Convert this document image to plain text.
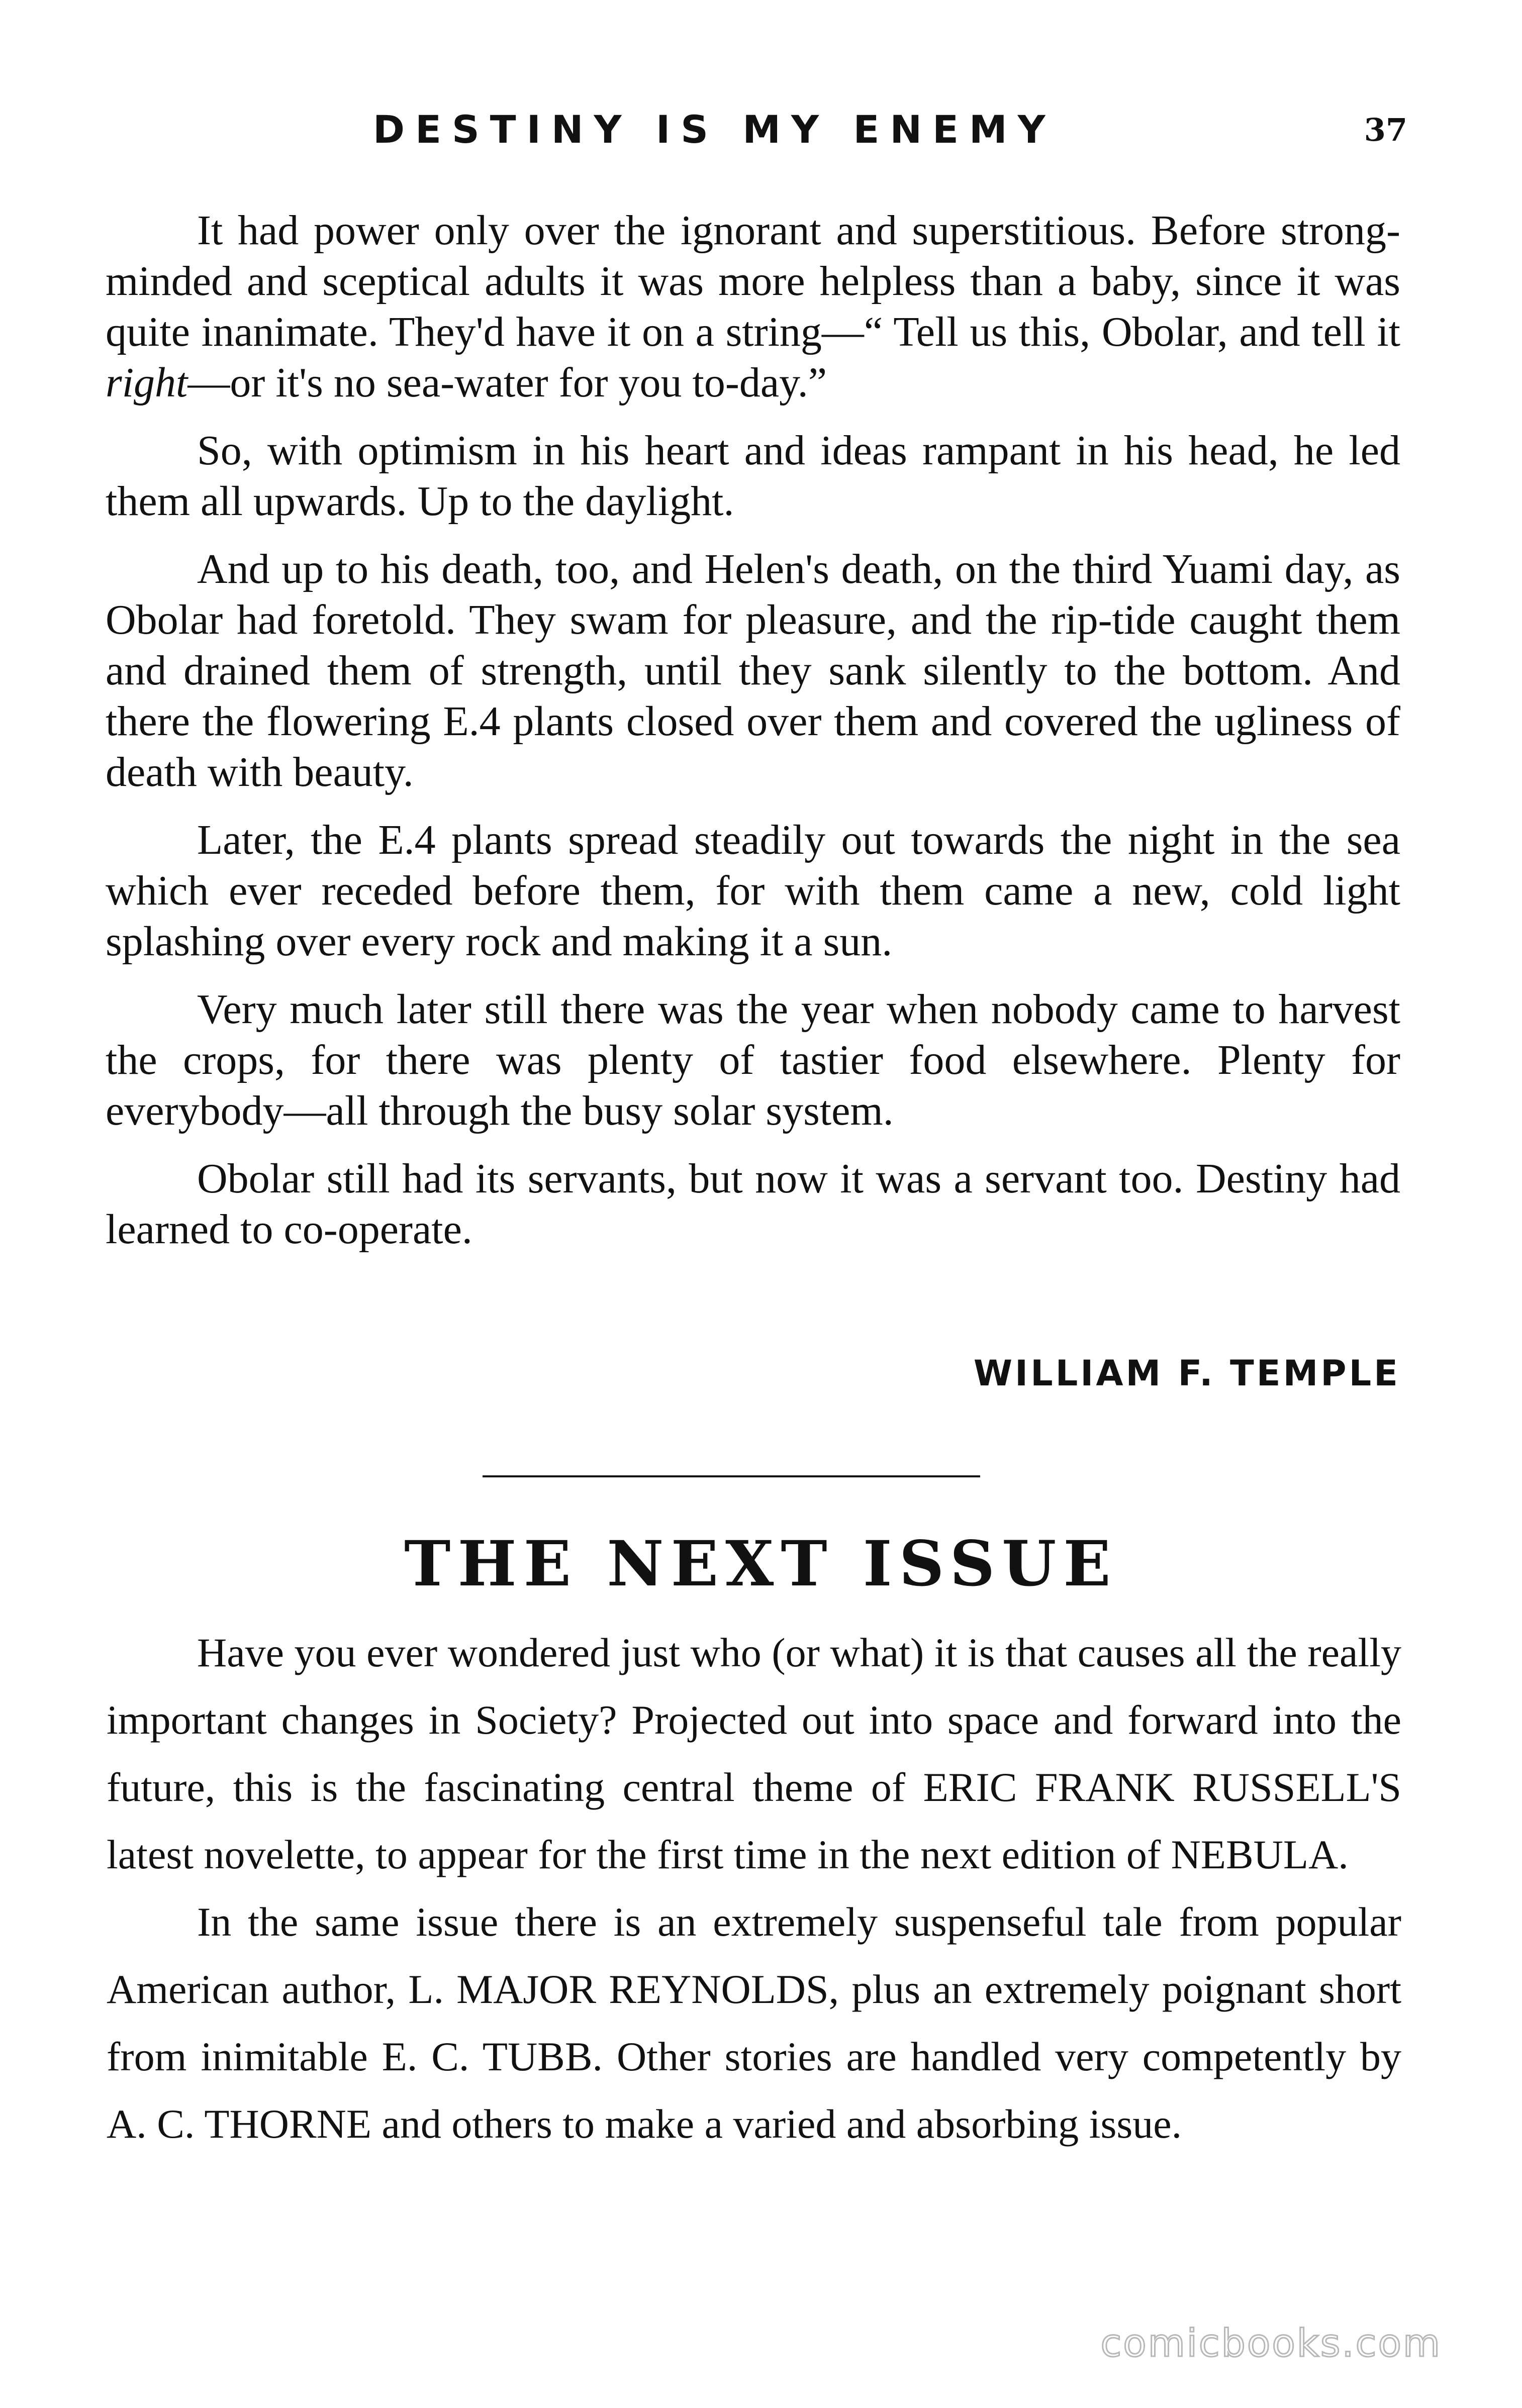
DESTINY IS MY ENEMY	37

It had power only over the ignorant and superstitious. Before strong-minded and sceptical adults it was more helpless than a baby, since it was quite inanimate. They'd have it on a string—“ Tell us this, Obolar, and tell it right—or it's no sea-water for you to-day.”

So, with optimism in his heart and ideas rampant in his head, he led them all upwards. Up to the daylight.

And up to his death, too, and Helen's death, on the third Yuami day, as Obolar had foretold. They swam for pleasure, and the rip-tide caught them and drained them of strength, until they sank silently to the bottom. And there the flowering E.4 plants closed over them and covered the ugliness of death with beauty.

Later, the E.4 plants spread steadily out towards the night in the sea which ever receded before them, for with them came a new, cold light splashing over every rock and making it a sun.

Very much later still there was the year when nobody came to harvest the crops, for there was plenty of tastier food elsewhere. Plenty for everybody—all through the busy solar system.

Obolar still had its servants, but now it was a servant too. Destiny had learned to co-operate.

WILLIAM F. TEMPLE
THE NEXT ISSUE

Have you ever wondered just who (or what) it is that causes all the really important changes in Society? Projected out into space and forward into the future, this is the fascinating central theme of ERIC FRANK RUSSELL'S latest novelette, to appear for the first time in the next edition of NEBULA.

In the same issue there is an extremely suspenseful tale from popular American author, L. MAJOR REYNOLDS, plus an extremely poignant short from inimitable E. C. TUBB. Other stories are handled very competently by A. C. THORNE and others to make a varied and absorbing issue.

comicbooks.com
